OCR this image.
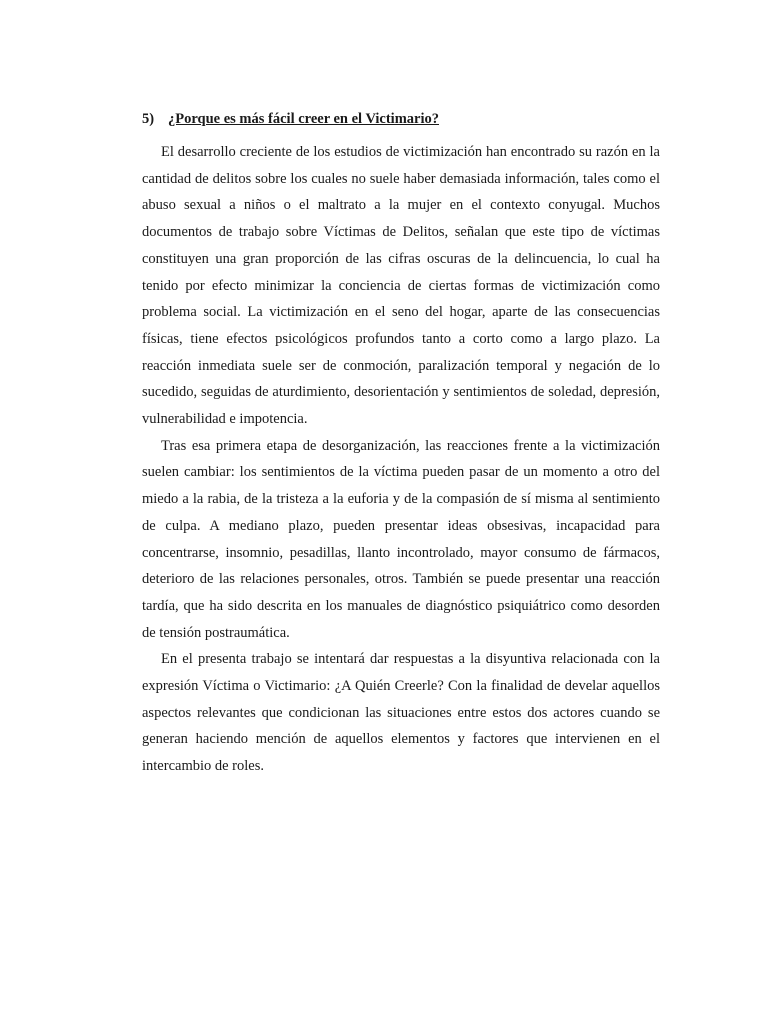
5) ¿Porque es más fácil creer en el Victimario?

El desarrollo creciente de los estudios de victimización han encontrado su razón en la cantidad de delitos sobre los cuales no suele haber demasiada información, tales como el abuso sexual a niños o el maltrato a la mujer en el contexto conyugal. Muchos documentos de trabajo sobre Víctimas de Delitos, señalan que este tipo de víctimas constituyen una gran proporción de las cifras oscuras de la delincuencia, lo cual ha tenido por efecto minimizar la conciencia de ciertas formas de victimización como problema social. La victimización en el seno del hogar, aparte de las consecuencias físicas, tiene efectos psicológicos profundos tanto a corto como a largo plazo. La reacción inmediata suele ser de conmoción, paralización temporal y negación de lo sucedido, seguidas de aturdimiento, desorientación y sentimientos de soledad, depresión, vulnerabilidad e impotencia.

Tras esa primera etapa de desorganización, las reacciones frente a la victimización suelen cambiar: los sentimientos de la víctima pueden pasar de un momento a otro del miedo a la rabia, de la tristeza a la euforia y de la compasión de sí misma al sentimiento de culpa. A mediano plazo, pueden presentar ideas obsesivas, incapacidad para concentrarse, insomnio, pesadillas, llanto incontrolado, mayor consumo de fármacos, deterioro de las relaciones personales, otros. También se puede presentar una reacción tardía, que ha sido descrita en los manuales de diagnóstico psiquiátrico como desorden de tensión postraumática.

En el presenta trabajo se intentará dar respuestas a la disyuntiva relacionada con la expresión Víctima o Victimario: ¿A Quién Creerle? Con la finalidad de develar aquellos aspectos relevantes que condicionan las situaciones entre estos dos actores cuando se generan haciendo mención de aquellos elementos y factores que intervienen en el intercambio de roles.
